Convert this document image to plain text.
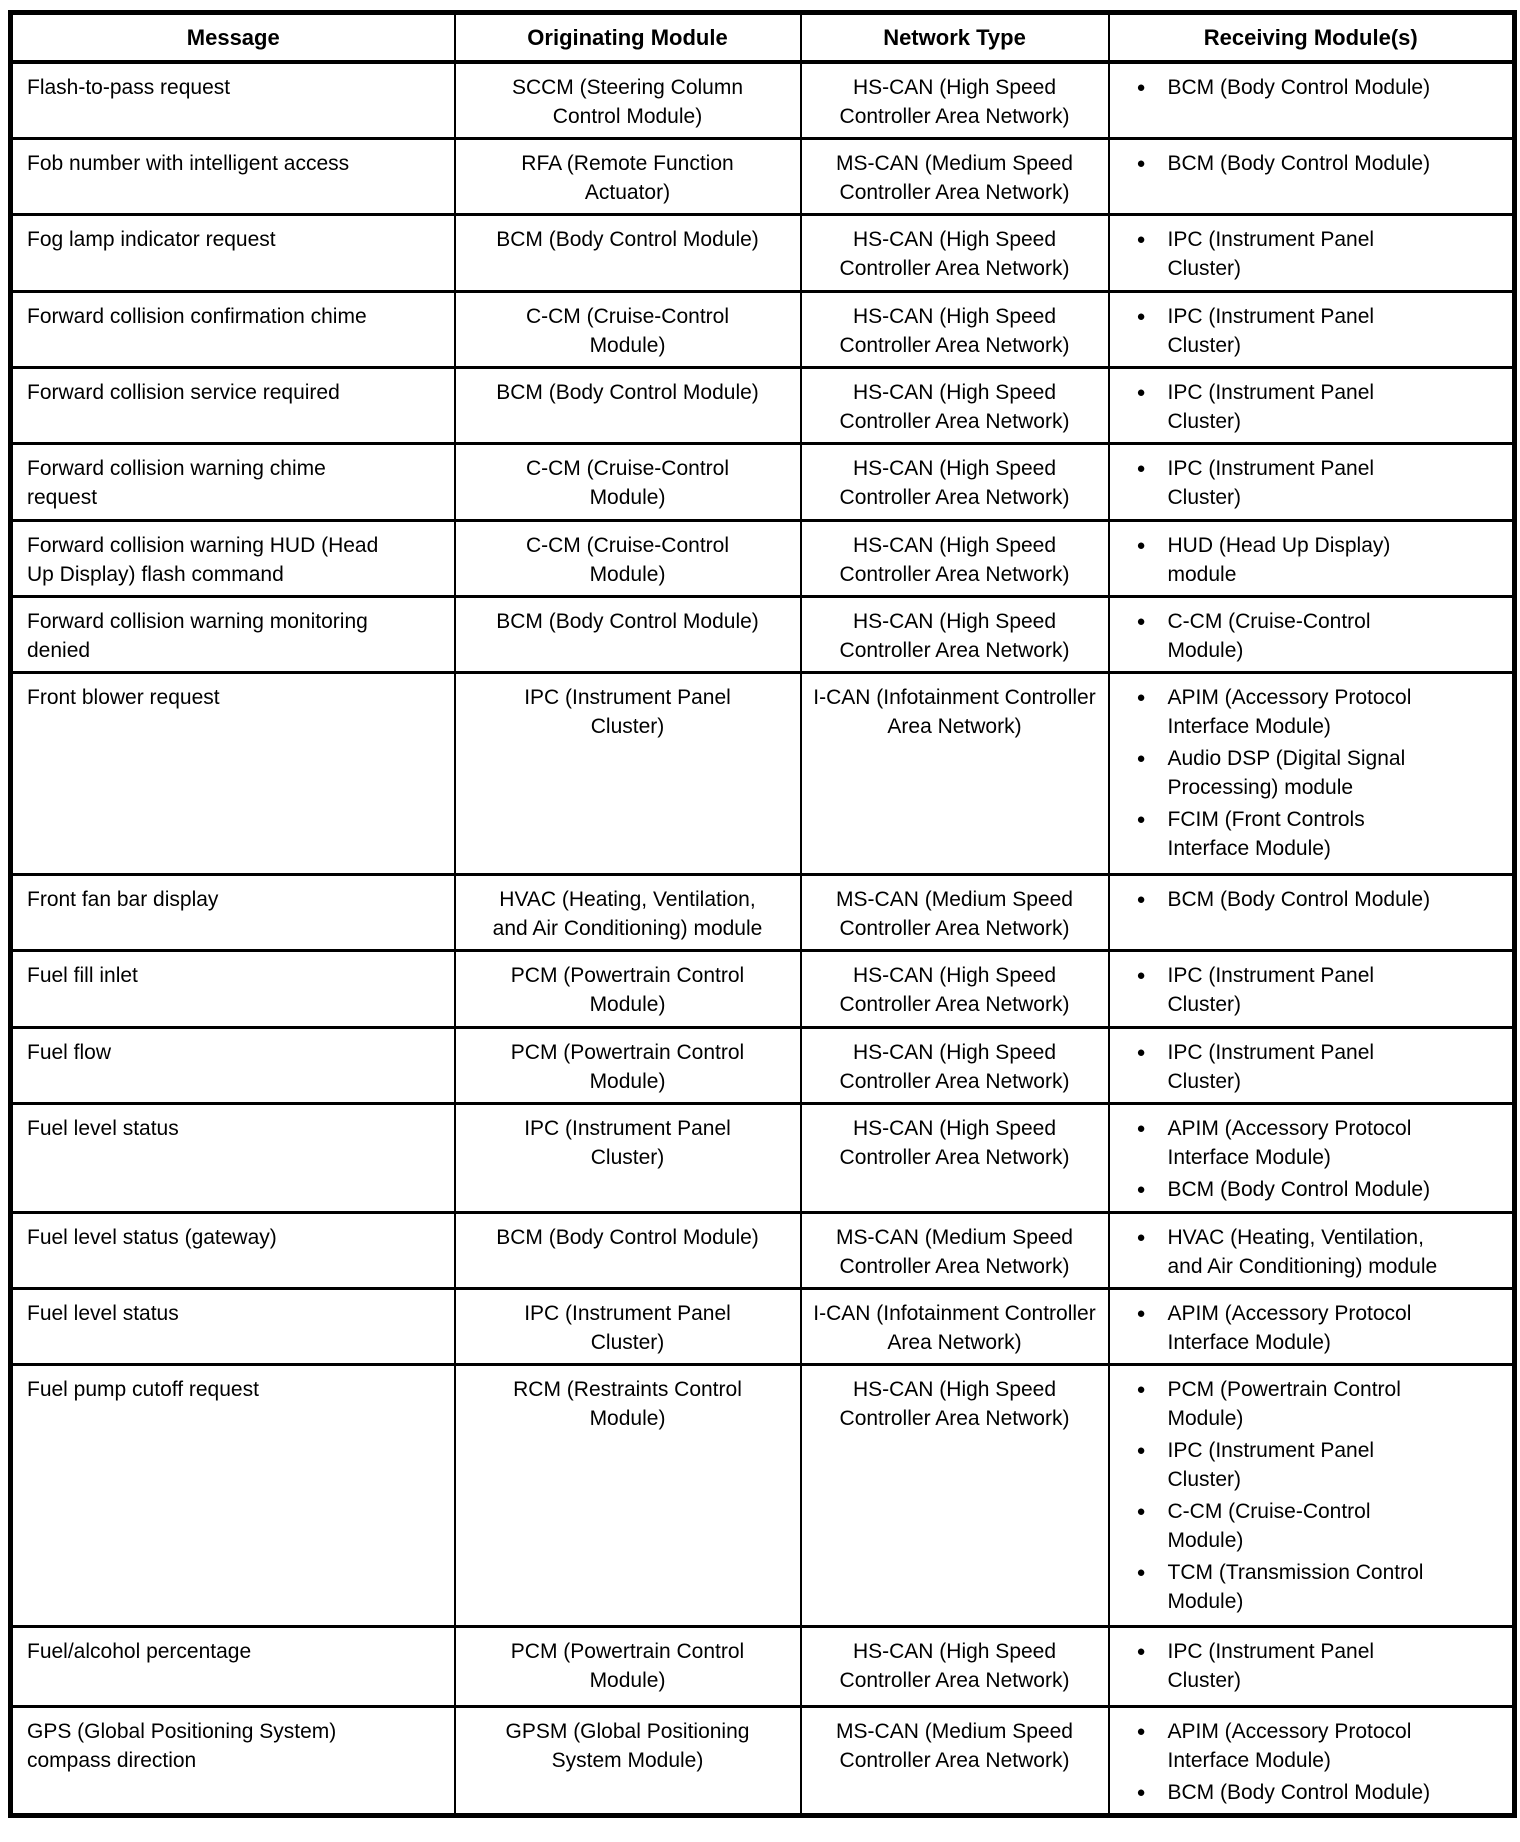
Message	Originating Module	Network Type	Receiving Module(s)
Flash-to-pass request	SCCM (Steering Column Control Module)	HS-CAN (High Speed Controller Area Network)	
● BCM (Body Control Module)

Fob number with intelligent access	RFA (Remote Function Actuator)	MS-CAN (Medium Speed Controller Area Network)	
● BCM (Body Control Module)

Fog lamp indicator request	BCM (Body Control Module)	HS-CAN (High Speed Controller Area Network)	
● IPC (Instrument Panel Cluster)

Forward collision confirmation chime	C-CM (Cruise-Control Module)	HS-CAN (High Speed Controller Area Network)	
● IPC (Instrument Panel Cluster)

Forward collision service required	BCM (Body Control Module)	HS-CAN (High Speed Controller Area Network)	
● IPC (Instrument Panel Cluster)

Forward collision warning chime request	C-CM (Cruise-Control Module)	HS-CAN (High Speed Controller Area Network)	
● IPC (Instrument Panel Cluster)

Forward collision warning HUD (Head Up Display) flash command	C-CM (Cruise-Control Module)	HS-CAN (High Speed Controller Area Network)	
● HUD (Head Up Display) module

Forward collision warning monitoring denied	BCM (Body Control Module)	HS-CAN (High Speed Controller Area Network)	
● C-CM (Cruise-Control Module)

Front blower request	IPC (Instrument Panel Cluster)	I-CAN (Infotainment Controller Area Network)	
● APIM (Accessory Protocol Interface Module)
● Audio DSP (Digital Signal Processing) module
● FCIM (Front Controls Interface Module)

Front fan bar display	HVAC (Heating, Ventilation, and Air Conditioning) module	MS-CAN (Medium Speed Controller Area Network)	
● BCM (Body Control Module)

Fuel fill inlet	PCM (Powertrain Control Module)	HS-CAN (High Speed Controller Area Network)	
● IPC (Instrument Panel Cluster)

Fuel flow	PCM (Powertrain Control Module)	HS-CAN (High Speed Controller Area Network)	
● IPC (Instrument Panel Cluster)

Fuel level status	IPC (Instrument Panel Cluster)	HS-CAN (High Speed Controller Area Network)	
● APIM (Accessory Protocol Interface Module)
● BCM (Body Control Module)

Fuel level status (gateway)	BCM (Body Control Module)	MS-CAN (Medium Speed Controller Area Network)	
● HVAC (Heating, Ventilation, and Air Conditioning) module

Fuel level status	IPC (Instrument Panel Cluster)	I-CAN (Infotainment Controller Area Network)	
● APIM (Accessory Protocol Interface Module)

Fuel pump cutoff request	RCM (Restraints Control Module)	HS-CAN (High Speed Controller Area Network)	
● PCM (Powertrain Control Module)
● IPC (Instrument Panel Cluster)
● C-CM (Cruise-Control Module)
● TCM (Transmission Control Module)

Fuel/alcohol percentage	PCM (Powertrain Control Module)	HS-CAN (High Speed Controller Area Network)	
● IPC (Instrument Panel Cluster)

GPS (Global Positioning System) compass direction	GPSM (Global Positioning System Module)	MS-CAN (Medium Speed Controller Area Network)	
● APIM (Accessory Protocol Interface Module)
● BCM (Body Control Module)
